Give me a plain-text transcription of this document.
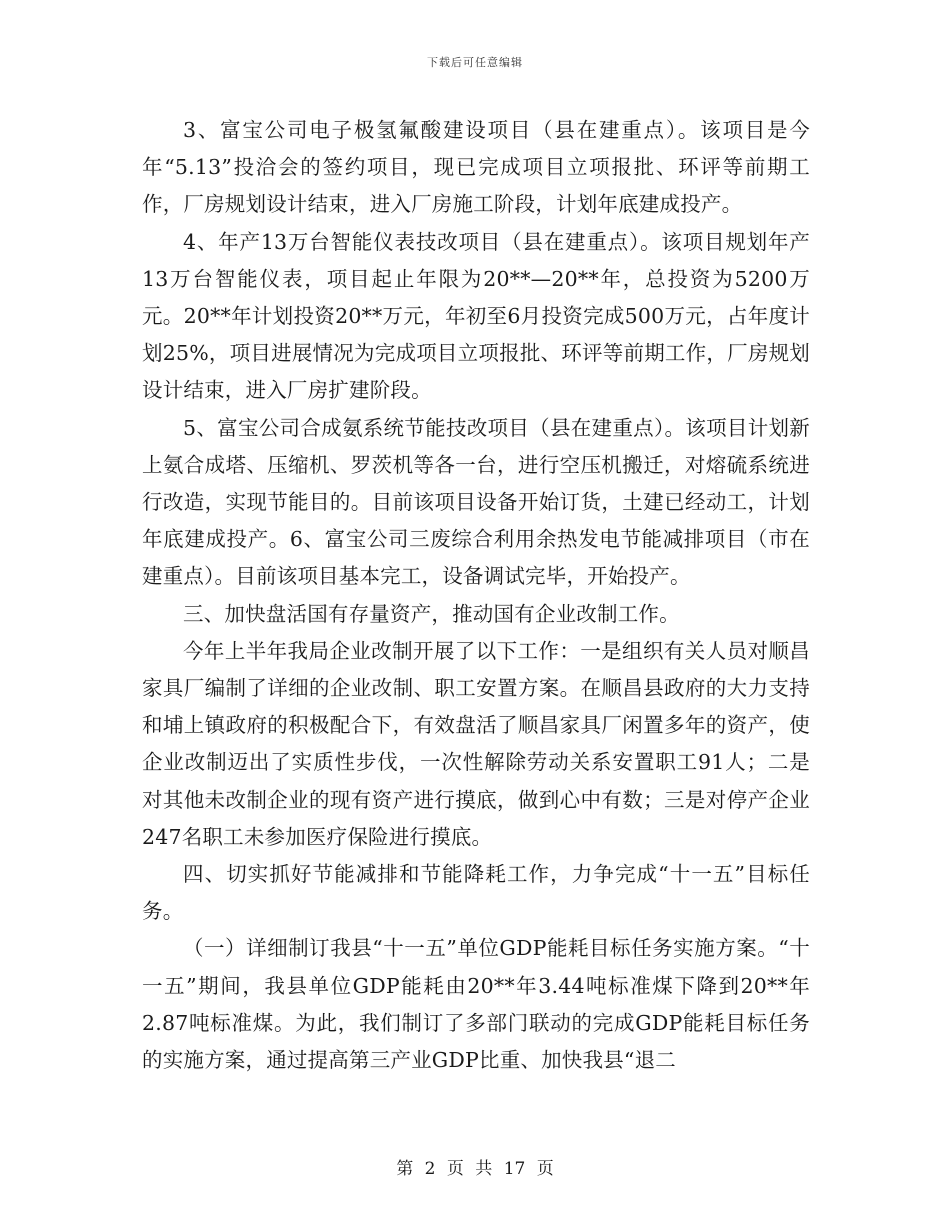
下载后可任意编辑

3、富宝公司电子极氢氟酸建设项目（县在建重点）。该项目是今年“5.13”投洽会的签约项目，现已完成项目立项报批、环评等前期工作，厂房规划设计结束，进入厂房施工阶段，计划年底建成投产。

4、年产13万台智能仪表技改项目（县在建重点）。该项目规划年产13万台智能仪表，项目起止年限为20**—20**年，总投资为5200万元。20**年计划投资20**万元，年初至6月投资完成500万元，占年度计划25%，项目进展情况为完成项目立项报批、环评等前期工作，厂房规划设计结束，进入厂房扩建阶段。

5、富宝公司合成氨系统节能技改项目（县在建重点）。该项目计划新上氨合成塔、压缩机、罗茨机等各一台，进行空压机搬迁，对熔硫系统进行改造，实现节能目的。目前该项目设备开始订货，土建已经动工，计划年底建成投产。6、富宝公司三废综合利用余热发电节能减排项目（市在建重点）。目前该项目基本完工，设备调试完毕，开始投产。

三、加快盘活国有存量资产，推动国有企业改制工作。

今年上半年我局企业改制开展了以下工作：一是组织有关人员对顺昌家具厂编制了详细的企业改制、职工安置方案。在顺昌县政府的大力支持和埔上镇政府的积极配合下，有效盘活了顺昌家具厂闲置多年的资产，使企业改制迈出了实质性步伐，一次性解除劳动关系安置职工91人；二是对其他未改制企业的现有资产进行摸底，做到心中有数；三是对停产企业247名职工未参加医疗保险进行摸底。

四、切实抓好节能减排和节能降耗工作，力争完成“十一五”目标任务。

（一）详细制订我县“十一五”单位GDP能耗目标任务实施方案。“十一五”期间，我县单位GDP能耗由20**年3.44吨标准煤下降到20**年2.87吨标准煤。为此，我们制订了多部门联动的完成GDP能耗目标任务的实施方案，通过提高第三产业GDP比重、加快我县“退二

第 2 页 共 17 页
